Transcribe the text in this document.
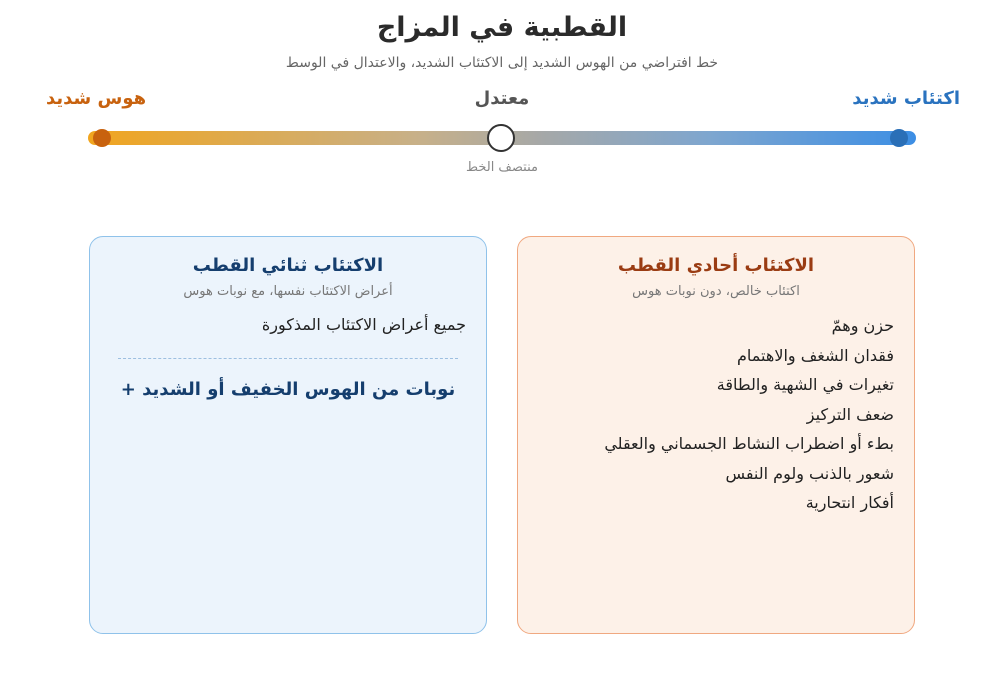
القطبية في المزاج
خط افتراضي من الهوس الشديد إلى الاكتئاب الشديد، والاعتدال في الوسط
هوس شديد	معتدل	اكتئاب شديد
منتصف الخط
الاكتئاب أحادي القطب
اكتئاب خالص، دون نوبات هوس
حزن وهمّ
فقدان الشغف والاهتمام
تغيرات في الشهية والطاقة
ضعف التركيز
بطء أو اضطراب النشاط الجسماني والعقلي
شعور بالذنب ولوم النفس
أفكار انتحارية
الاكتئاب ثنائي القطب
أعراض الاكتئاب نفسها، مع نوبات هوس
جميع أعراض الاكتئاب المذكورة
نوبات من الهوس الخفيف أو الشديد +
